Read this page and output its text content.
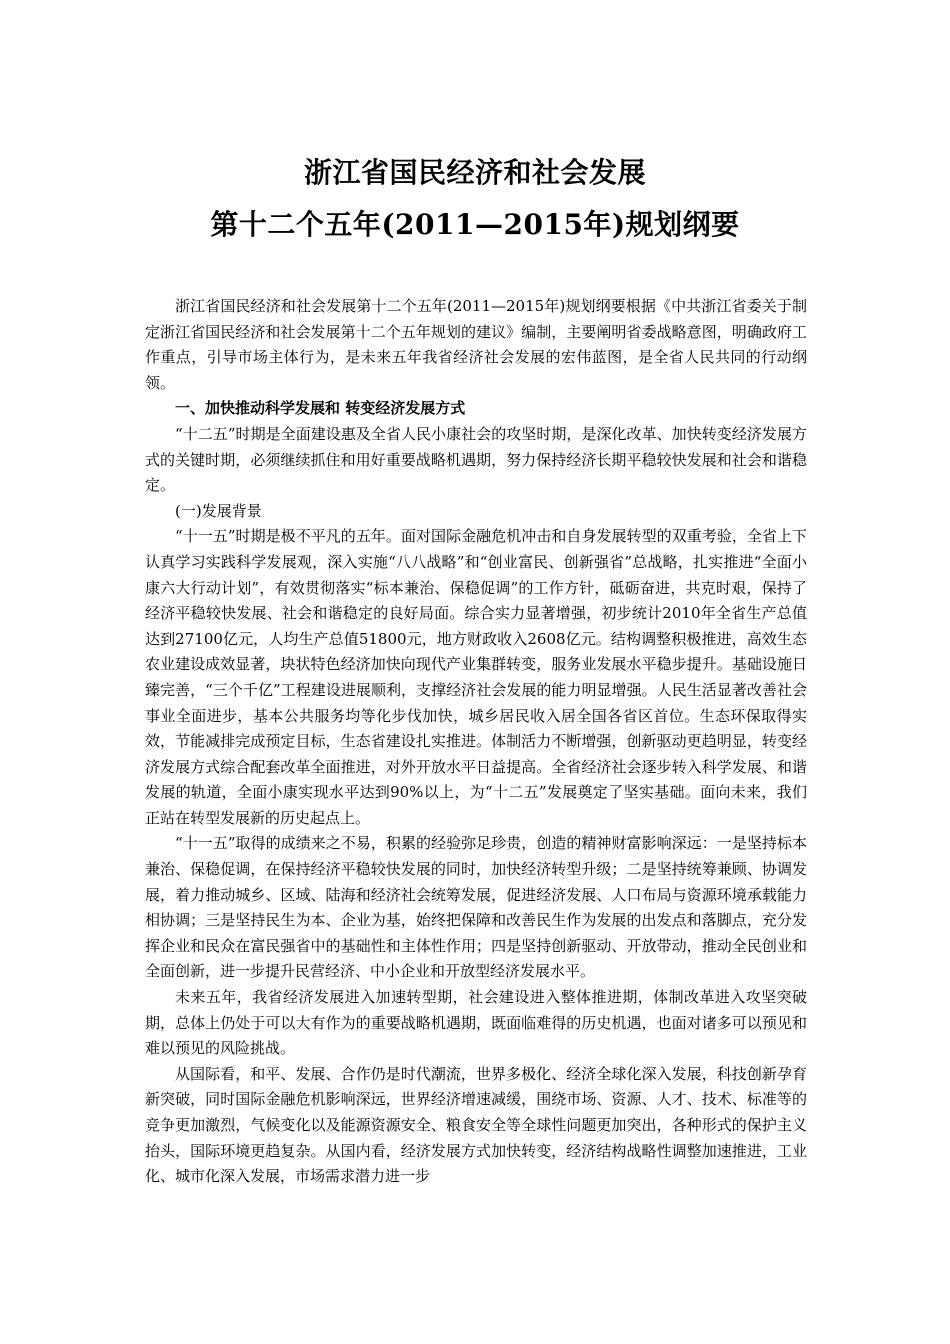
浙江省国民经济和社会发展
第十二个五年(2011—2015年)规划纲要

浙江省国民经济和社会发展第十二个五年(2011—2015年)规划纲要根据《中共浙江省委关于制定浙江省国民经济和社会发展第十二个五年规划的建议》编制，主要阐明省委战略意图，明确政府工作重点，引导市场主体行为，是未来五年我省经济社会发展的宏伟蓝图，是全省人民共同的行动纲领。

一、加快推动科学发展和 转变经济发展方式

“十二五”时期是全面建设惠及全省人民小康社会的攻坚时期，是深化改革、加快转变经济发展方式的关键时期，必须继续抓住和用好重要战略机遇期，努力保持经济长期平稳较快发展和社会和谐稳定。

(一)发展背景

“十一五”时期是极不平凡的五年。面对国际金融危机冲击和自身发展转型的双重考验，全省上下认真学习实践科学发展观，深入实施“八八战略”和“创业富民、创新强省”总战略，扎实推进“全面小康六大行动计划”，有效贯彻落实“标本兼治、保稳促调”的工作方针，砥砺奋进，共克时艰，保持了经济平稳较快发展、社会和谐稳定的良好局面。综合实力显著增强，初步统计2010年全省生产总值达到27100亿元，人均生产总值51800元，地方财政收入2608亿元。结构调整积极推进，高效生态农业建设成效显著，块状特色经济加快向现代产业集群转变，服务业发展水平稳步提升。基础设施日臻完善，“三个千亿”工程建设进展顺利，支撑经济社会发展的能力明显增强。人民生活显著改善社会事业全面进步，基本公共服务均等化步伐加快，城乡居民收入居全国各省区首位。生态环保取得实效，节能减排完成预定目标，生态省建设扎实推进。体制活力不断增强，创新驱动更趋明显，转变经济发展方式综合配套改革全面推进，对外开放水平日益提高。全省经济社会逐步转入科学发展、和谐发展的轨道，全面小康实现水平达到90%以上，为“十二五”发展奠定了坚实基础。面向未来，我们正站在转型发展新的历史起点上。

“十一五”取得的成绩来之不易，积累的经验弥足珍贵，创造的精神财富影响深远：一是坚持标本兼治、保稳促调，在保持经济平稳较快发展的同时，加快经济转型升级；二是坚持统筹兼顾、协调发展，着力推动城乡、区域、陆海和经济社会统筹发展，促进经济发展、人口布局与资源环境承载能力相协调；三是坚持民生为本、企业为基，始终把保障和改善民生作为发展的出发点和落脚点，充分发挥企业和民众在富民强省中的基础性和主体性作用；四是坚持创新驱动、开放带动，推动全民创业和全面创新，进一步提升民营经济、中小企业和开放型经济发展水平。

未来五年，我省经济发展进入加速转型期，社会建设进入整体推进期，体制改革进入攻坚突破期，总体上仍处于可以大有作为的重要战略机遇期，既面临难得的历史机遇，也面对诸多可以预见和难以预见的风险挑战。

从国际看，和平、发展、合作仍是时代潮流，世界多极化、经济全球化深入发展，科技创新孕育新突破，同时国际金融危机影响深远，世界经济增速减缓，围绕市场、资源、人才、技术、标准等的竞争更加激烈，气候变化以及能源资源安全、粮食安全等全球性问题更加突出，各种形式的保护主义抬头，国际环境更趋复杂。从国内看，经济发展方式加快转变，经济结构战略性调整加速推进，工业化、城市化深入发展，市场需求潜力进一步
